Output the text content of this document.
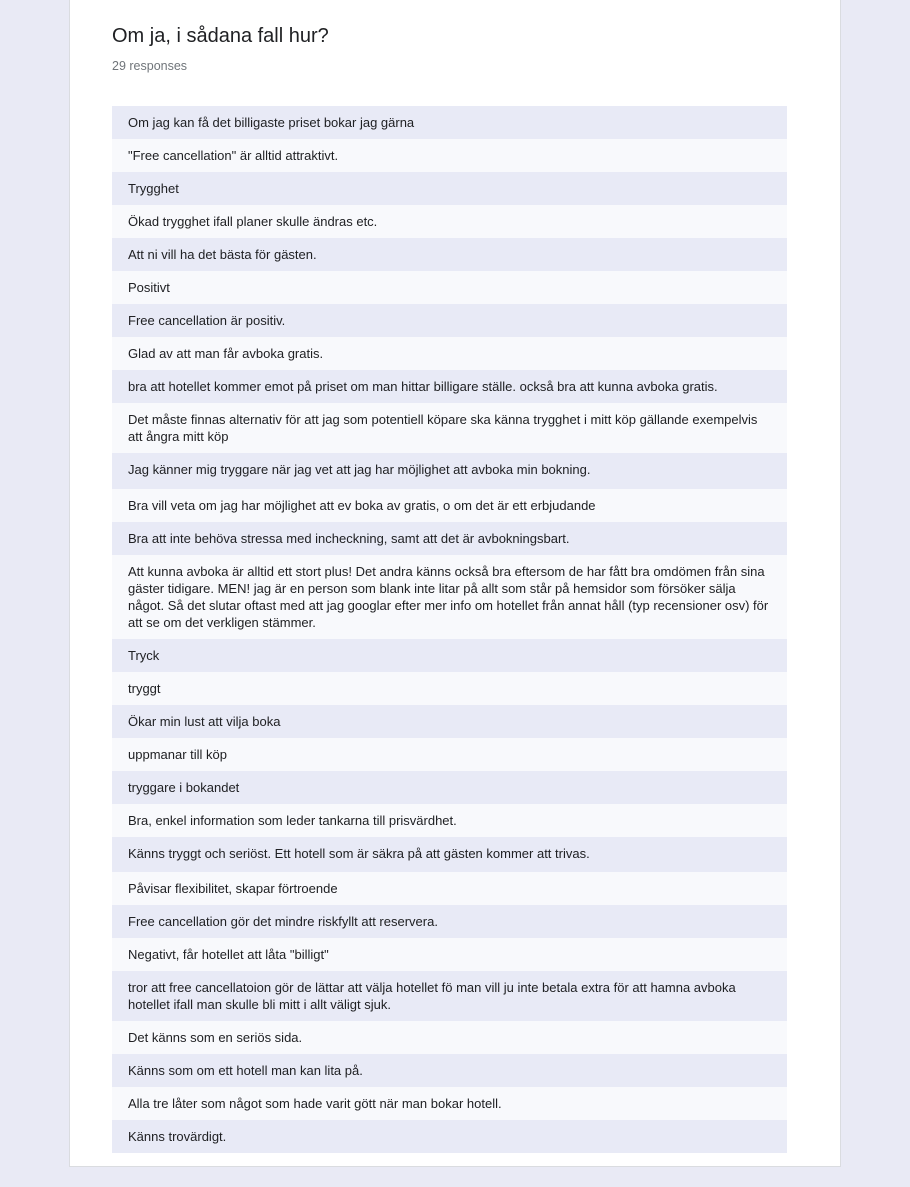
Om ja, i sådana fall hur?
29 responses
Om jag kan få det billigaste priset bokar jag gärna
"Free cancellation" är alltid attraktivt.
Trygghet
Ökad trygghet ifall planer skulle ändras etc.
Att ni vill ha det bästa för gästen.
Positivt
Free cancellation är positiv.
Glad av att man får avboka gratis.
bra att hotellet kommer emot på priset om man hittar billigare ställe. också bra att kunna avboka gratis.
Det måste finnas alternativ för att jag som potentiell köpare ska känna trygghet i mitt köp gällande exempelvis att ångra mitt köp
Jag känner mig tryggare när jag vet att jag har möjlighet att avboka min bokning.
Bra vill veta om jag har möjlighet att ev boka av gratis, o om det är ett erbjudande
Bra att inte behöva stressa med incheckning, samt att det är avbokningsbart.
Att kunna avboka är alltid ett stort plus! Det andra känns också bra eftersom de har fått bra omdömen från sina gäster tidigare. MEN! jag är en person som blank inte litar på allt som står på hemsidor som försöker sälja något. Så det slutar oftast med att jag googlar efter mer info om hotellet från annat håll (typ recensioner osv) för att se om det verkligen stämmer.
Tryck
tryggt
Ökar min lust att vilja boka
uppmanar till köp
tryggare i bokandet
Bra, enkel information som leder tankarna till prisvärdhet.
Känns tryggt och seriöst. Ett hotell som är säkra på att gästen kommer att trivas.
Påvisar flexibilitet, skapar förtroende
Free cancellation gör det mindre riskfyllt att reservera.
Negativt, får hotellet att låta "billigt"
tror att free cancellatoion gör de lättar att välja hotellet fö man vill ju inte betala extra för att hamna avboka hotellet ifall man skulle bli mitt i allt väligt sjuk.
Det känns som en seriös sida.
Känns som om ett hotell man kan lita på.
Alla tre låter som något som hade varit gött när man bokar hotell.
Känns trovärdigt.
